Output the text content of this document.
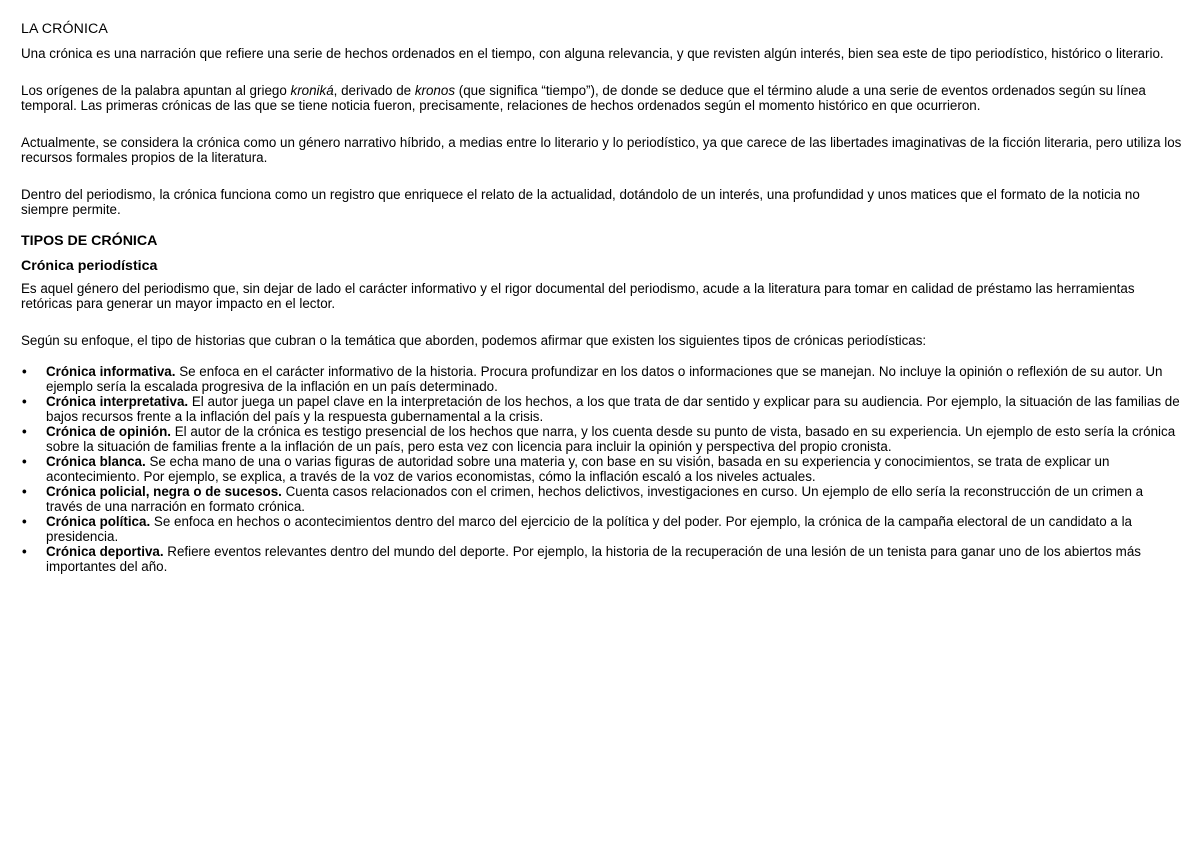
LA CRÓNICA

Una crónica es una narración que refiere una serie de hechos ordenados en el tiempo, con alguna relevancia, y que revisten algún interés, bien sea este de tipo periodístico, histórico o literario.

Los orígenes de la palabra apuntan al griego kroniká, derivado de kronos (que significa “tiempo”), de donde se deduce que el término alude a una serie de eventos ordenados según su línea temporal. Las primeras crónicas de las que se tiene noticia fueron, precisamente, relaciones de hechos ordenados según el momento histórico en que ocurrieron.

Actualmente, se considera la crónica como un género narrativo híbrido, a medias entre lo literario y lo periodístico, ya que carece de las libertades imaginativas de la ficción literaria, pero utiliza los recursos formales propios de la literatura.

Dentro del periodismo, la crónica funciona como un registro que enriquece el relato de la actualidad, dotándolo de un interés, una profundidad y unos matices que el formato de la noticia no siempre permite.

TIPOS DE CRÓNICA
Crónica periodística

Es aquel género del periodismo que, sin dejar de lado el carácter informativo y el rigor documental del periodismo, acude a la literatura para tomar en calidad de préstamo las herramientas retóricas para generar un mayor impacto en el lector.

Según su enfoque, el tipo de historias que cubran o la temática que aborden, podemos afirmar que existen los siguientes tipos de crónicas periodísticas:

• Crónica informativa. Se enfoca en el carácter informativo de la historia. Procura profundizar en los datos o informaciones que se manejan. No incluye la opinión o reflexión de su autor. Un ejemplo sería la escalada progresiva de la inflación en un país determinado.
• Crónica interpretativa. El autor juega un papel clave en la interpretación de los hechos, a los que trata de dar sentido y explicar para su audiencia. Por ejemplo, la situación de las familias de bajos recursos frente a la inflación del país y la respuesta gubernamental a la crisis.
• Crónica de opinión. El autor de la crónica es testigo presencial de los hechos que narra, y los cuenta desde su punto de vista, basado en su experiencia. Un ejemplo de esto sería la crónica sobre la situación de familias frente a la inflación de un país, pero esta vez con licencia para incluir la opinión y perspectiva del propio cronista.
• Crónica blanca. Se echa mano de una o varias figuras de autoridad sobre una materia y, con base en su visión, basada en su experiencia y conocimientos, se trata de explicar un acontecimiento. Por ejemplo, se explica, a través de la voz de varios economistas, cómo la inflación escaló a los niveles actuales.
• Crónica policial, negra o de sucesos. Cuenta casos relacionados con el crimen, hechos delictivos, investigaciones en curso. Un ejemplo de ello sería la reconstrucción de un crimen a través de una narración en formato crónica.
• Crónica política. Se enfoca en hechos o acontecimientos dentro del marco del ejercicio de la política y del poder. Por ejemplo, la crónica de la campaña electoral de un candidato a la presidencia.
• Crónica deportiva. Refiere eventos relevantes dentro del mundo del deporte. Por ejemplo, la historia de la recuperación de una lesión de un tenista para ganar uno de los abiertos más importantes del año.
